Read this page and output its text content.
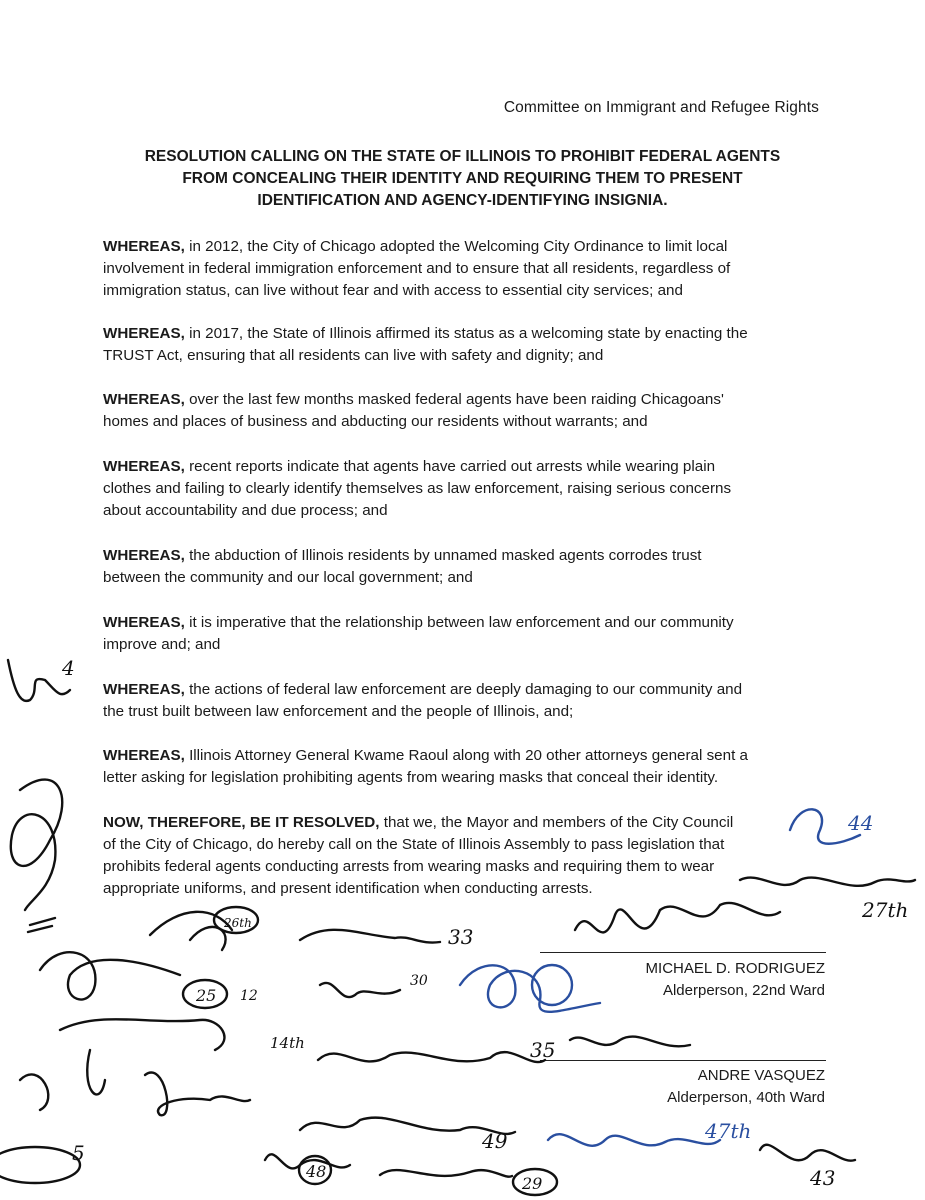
Committee on Immigrant and Refugee Rights
RESOLUTION CALLING ON THE STATE OF ILLINOIS TO PROHIBIT FEDERAL AGENTS
FROM CONCEALING THEIR IDENTITY AND REQUIRING THEM TO PRESENT
IDENTIFICATION AND AGENCY-IDENTIFYING INSIGNIA.
WHEREAS, in 2012, the City of Chicago adopted the Welcoming City Ordinance to limit local
involvement in federal immigration enforcement and to ensure that all residents, regardless of
immigration status, can live without fear and with access to essential city services; and
WHEREAS, in 2017, the State of Illinois affirmed its status as a welcoming state by enacting the
TRUST Act, ensuring that all residents can live with safety and dignity; and
WHEREAS, over the last few months masked federal agents have been raiding Chicagoans'
homes and places of business and abducting our residents without warrants; and
WHEREAS, recent reports indicate that agents have carried out arrests while wearing plain
clothes and failing to clearly identify themselves as law enforcement, raising serious concerns
about accountability and due process; and
WHEREAS, the abduction of Illinois residents by unnamed masked agents corrodes trust
between the community and our local government; and
WHEREAS, it is imperative that the relationship between law enforcement and our community
improve and; and
WHEREAS, the actions of federal law enforcement are deeply damaging to our community and
the trust built between law enforcement and the people of Illinois, and;
WHEREAS, Illinois Attorney General Kwame Raoul along with 20 other attorneys general sent a
letter asking for legislation prohibiting agents from wearing masks that conceal their identity.
NOW, THEREFORE, BE IT RESOLVED, that we, the Mayor and members of the City Council
of the City of Chicago, do hereby call on the State of Illinois Assembly to pass legislation that
prohibits federal agents conducting arrests from wearing masks and requiring them to wear
appropriate uniforms, and present identification when conducting arrests.
MICHAEL D. RODRIGUEZ
Alderperson, 22nd Ward
ANDRE VASQUEZ
Alderperson, 40th Ward
4
44
27th
26th
33
25 12
30
14th	35
49	47th
48
29	43
5
